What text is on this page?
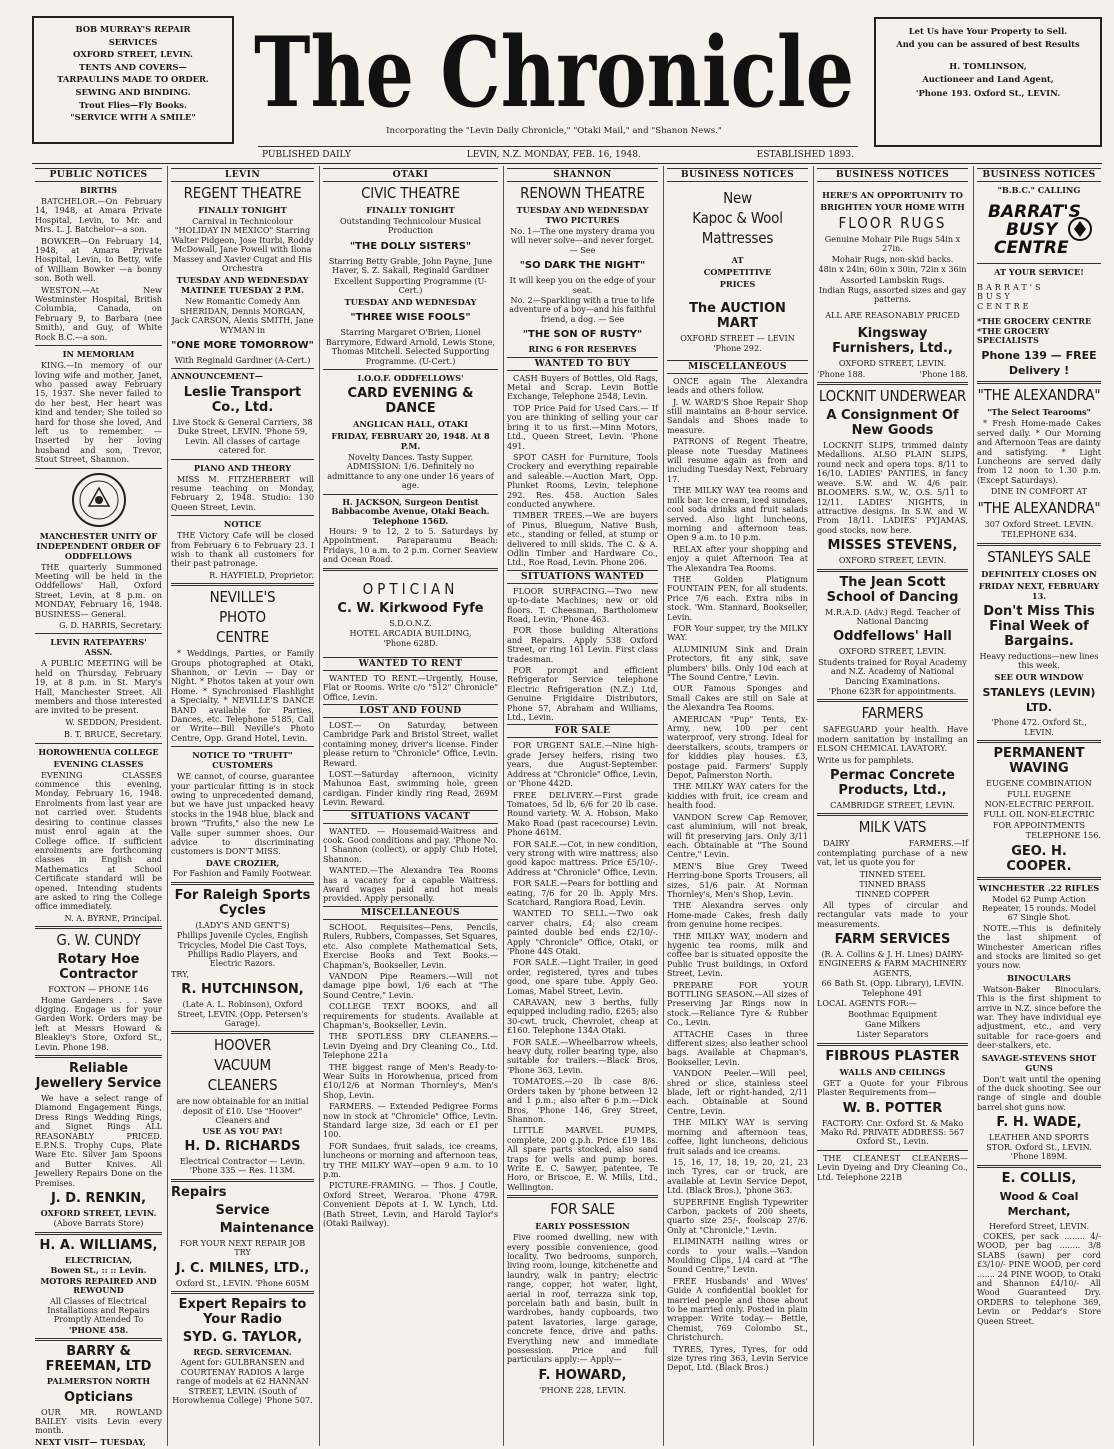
BOB MURRAY'S REPAIR
SERVICES
OXFORD STREET, LEVIN.
TENTS AND COVERS—
TARPAULINS MADE TO ORDER.
SEWING AND BINDING.
Trout Flies—Fly Books.
"SERVICE WITH A SMILE"
Let Us have Your Property to Sell.
And you can be assured of best Results
H. TOMLINSON,
Auctioneer and Land Agent,
'Phone 193. Oxford St., LEVIN.
The Chronicle
Incorporating the "Levin Daily Chronicle," "Otaki Mail," and "Shanon News."
PUBLISHED DAILY	LEVIN, N.Z. MONDAY, FEB. 16, 1948.	ESTABLISHED 1893.
PUBLIC NOTICES
BIRTHS

BATCHELOR.—On February 14, 1948, at Amara Private Hospital, Levin, to Mr. and Mrs. L. J. Batchelor—a son.

BOWKER—On February 14, 1948, at Amara Private Hospital, Levin, to Betty, wife of William Bowker —a bonny son. Both well.

WESTON.—At New Westminster Hospital, British Columbia, Canada, on February 9, to Barbara (nee Smith), and Guy, of White Rock B.C.—a son.

IN MEMORIAM

KING.—In memory of our loving wife and mother, Janet, who passed away February 15, 1937. She never failed to do her best, Her heart was kind and tender; She toiled so hard for those she loved, And left us to remember. —Inserted by her loving husband and son, Trevor, Stout Street, Shannon.

MANCHESTER UNITY OF INDEPENDENT ORDER OF ODDFELLOWS

THE quarterly Summoned Meeting will be held in the Oddfellows' Hall, Oxford Street, Levin, at 8 p.m. on MONDAY, February 16, 1948. BUSINESS— General.

G. D. HARRIS, Secretary.
LEVIN RATEPAYERS' ASSN.

A PUBLIC MEETING will be held on Thursday, February 19, at 8 p.m. in St. Mary's Hall, Manchester Street. All members and those interested are invited to be present.

W. SEDDON, President.
B. T. BRUCE, Secretary.
HOROWHENUA COLLEGE
EVENING CLASSES

EVENING CLASSES commence this evening, Monday, February 16, 1948. Enrolments from last year are not carried over. Students desiring to continue classes must enrol again at the College office. If sufficient enrolments are forthcoming classes in English and Mathematics at School Certificate standard will be opened. Intending students are asked to ring the College office immediately.

N. A. BYRNE, Principal.
G. W. CUNDY
Rotary Hoe Contractor
FOXTON — PHONE 146

Home Gardeners . . . Save digging. Engage us for your Garden Work. Orders may be left at Messrs Howard & Bleakley's Store, Oxford St., Levin. Phone 198.

Reliable Jewellery Service

We have a select range of Diamond Engagement Rings, Dress Rings Wedding Rings, and Signet Rings ALL REASONABLY PRICED. E.P.N.S. Trophy Cups, Plate Ware Etc. Silver Jam Spoons and Butter Knives. All Jewellery Repairs Done on the Premises.

J. D. RENKIN,
OXFORD STREET, LEVIN.
(Above Barrats Store)
H. A. WILLIAMS,
ELECTRICIAN,
Bowen St., :: :: Levin.
MOTORS REPAIRED AND REWOUND
All Classes of Electrical Installations and Repairs Promptly Attended To
'PHONE 458.
BARRY & FREEMAN, LTD
PALMERSTON NORTH
Opticians

OUR MR. ROWLAND BAILEY visits Levin every month.

NEXT VISIT— TUESDAY,
LEVIN
REGENT THEATRE
FINALLY TONIGHT
Carnival in Technicolour "HOLIDAY IN MEXICO" Starring Walter Pidgeon, Jose Iturbi, Roddy McDowall, Jane Powell with Ilona Massey and Xavier Cugat and His Orchestra
TUESDAY AND WEDNESDAY MATINEE TUESDAY 2 P.M.
New Romantic Comedy Ann SHERIDAN, Dennis MORGAN, Jack CARSON, Alexis SMITH, Jane WYMAN in
"ONE MORE TOMORROW"
With Reginald Gardiner (A-Cert.)
ANNOUNCEMENT—
Leslie Transport Co., Ltd.
Live Stock & General Carriers, 38 Duke Street, LEVIN. 'Phone 59, Levin. All classes of cartage catered for.
PIANO AND THEORY

MISS M. FITZHERBERT will resume teaching on Monday, February 2, 1948. Studio: 130 Queen Street, Levin.

NOTICE

THE Victory Cafe will be closed from February 6 to February 23. I wish to thank all customers for their past patronage.

R. HAYFIELD, Proprietor.
NEVILLE'S
PHOTO
CENTRE

* Weddings, Parties, or Family Groups photographed at Otaki, Shannon, or Levin — Day or Night. * Photos taken at your own Home. * Synchronised Flashlight a Specialty. * NEVILLE'S DANCE BAND available for Parties, Dances, etc. Telephone 5185, Call or Write—Bill Neville's Photo Centre, Opp. Grand Hotel, Levin.

NOTICE TO "TRUFIT" CUSTOMERS

WE cannot, of course, guarantee your particular fitting is in stock owing to unprecedented demand, but we have just unpacked heavy stocks in the 1948 blue, black and brown "Trufits," also the new Le Valle super summer shoes. Our advice to discriminating customers is DON'T MISS.

DAVE CROZIER,
For Fashion and Family Footwear.
For Raleigh Sports Cycles
(LADY'S AND GENT'S)
Phillips Juvenile Cycles, English Tricycles, Model Die Cast Toys, Phillips Radio Players, and Electric Razors.
TRY,
R. HUTCHINSON,
(Late A. L. Robinson), Oxford Street, LEVIN. (Opp. Petersen's Garage).
HOOVER
VACUUM
CLEANERS
are now obtainable for an initial deposit of £10. Use "Hoover" Cleaners and
USE AS YOU PAY!
H. D. RICHARDS
Electrical Contractor — Levin. 'Phone 335 — Res. 113M.
Repairs
Service
Maintenance
FOR YOUR NEXT REPAIR JOB TRY
J. C. MILNES, LTD.,
Oxford St., LEVIN. 'Phone 605M
Expert Repairs to Your Radio
SYD. G. TAYLOR,
REGD. SERVICEMAN.
Agent for: GULBRANSEN and COURTENAY RADIOS A large range of models at 62 HANNAN STREET, LEVIN. (South of Horowhenua College) 'Phone 507.
OTAKI
CIVIC THEATRE
FINALLY TONIGHT
Outstanding Technicolour Musical Production
"THE DOLLY SISTERS"
Starring Betty Grable, John Payne, June Haver, S. Z. Sakall, Reginald Gardiner
Excellent Supporting Programme (U-Cert.)
TUESDAY AND WEDNESDAY
"THREE WISE FOOLS"
Starring Margaret O'Brien, Lionel Barrymore, Edward Arnold, Lewis Stone, Thomas Mitchell. Selected Supporting Programme. (U-Cert.)
I.O.O.F. ODDFELLOWS'
CARD EVENING & DANCE
ANGLICAN HALL, OTAKI
FRIDAY, FEBRUARY 20, 1948. At 8 P.M.
Novelty Dances. Tasty Supper. ADMISSION: 1/6. Definitely no admittance to any one under 16 years of age.
H. JACKSON, Surgeon Dentist Babbacombe Avenue, Otaki Beach. Telephone 156D.

Hours: 9 to 12, 2 to 5. Saturdays by Appointment. Paraparaumu Beach: Fridays, 10 a.m. to 2 p.m. Corner Seaview and Ocean Road.

OPTICIAN
C. W. Kirkwood Fyfe
S.D.O.N.Z.
HOTEL ARCADIA BUILDING,
'Phone 628D.
WANTED TO RENT

WANTED TO RENT.—Urgently, House, Flat or Rooms. Write c/o "512" Chronicle" Office, Levin.

LOST AND FOUND

LOST.— On Saturday, between Cambridge Park and Bristol Street, wallet containing money, driver's license. Finder please return to "Chronicle" Office, Levin. Reward.

LOST.—Saturday afternoon, vicinity Mahunoa East, swimming hole, green cardigan. Finder kindly ring Read, 269M Levin. Reward.

SITUATIONS VACANT

WANTED. — Housemaid-Waitress and cook. Good conditions and pay. 'Phone No. 1 Shannon (collect), or apply Club Hotel, Shannon.

WANTED.—The Alexandra Tea Rooms has a vacancy for a capable Waitress. Award wages paid and hot meals provided. Apply personally.

MISCELLANEOUS

SCHOOL Requisites—Pens, Pencils, Rulers, Rubbers, Compasses, Set Squares, etc. Also complete Mathematical Sets, Exercise Books and Text Books.—Chapman's, Bookseller, Levin.

VANDON Pipe Reamers.—Will not damage pipe bowl, 1/6 each at "The Sound Centre," Levin.

COLLEGE TEXT BOOKS, and all requirements for students. Available at Chapman's, Bookseller, Levin.

THE SPOTLESS DRY CLEANERS.— Levin Dyeing and Dry Cleaning Co., Ltd. Telephone 221a

THE biggest range of Men's Ready-to-Wear Suits in Horowhenua, priced from £10/12/6 at Norman Thornley's, Men's Shop, Levin.

FARMERS. — Extended Pedigree Forms now in stock at "Chronicle" Office, Levin. Standard large size, 3d each or £1 per 100.

FOR Sundaes, fruit salads, ice creams, luncheons or morning and afternoon teas, try THE MILKY WAY—open 9 a.m. to 10 p.m.

PICTURE-FRAMING. — Thos. J Coutle, Oxford Street, Weraroa. 'Phone 479R. Convenient Depots at I. W. Lynch, Ltd. (Bath Street, Levin, and Harold Taylor's (Otaki Railway).

SHANNON
RENOWN THEATRE
TUESDAY AND WEDNESDAY TWO PICTURES
No. 1—The one mystery drama you will never solve—and never forget. — See
"SO DARK THE NIGHT"
It will keep you on the edge of your seat.
No. 2—Sparkling with a true to life adventure of a boy—and his faithful friend, a dog. — See
"THE SON OF RUSTY"
RING 6 FOR RESERVES
WANTED TO BUY

CASH Buyers of Bottles, Old Rags, Metal and Scrap. Levin Bottle Exchange, Telephone 2548, Levin.

TOP Price Paid for Used Cars.— If you are thinking of selling your car bring it to us first.—Minn Motors, Ltd., Queen Street, Levin. 'Phone 491.

SPOT CASH for Furniture, Tools Crockery and everything repairable and saleable.—Auction Mart, Opp. Plunket Rooms, Levin, telephone 292. Res. 458. Auction Sales conducted anywhere.

TIMBER TREES.—We are buyers of Pinus, Bluegum, Native Bush, etc., standing or felled, at stump or delivered to mill skids. The C. & A. Odlin Timber and Hardware Co., Ltd., Roe Road, Levin. Phone 206.

SITUATIONS WANTED

FLOOR SURFACING.—Two new up-to-date Machines; new or old floors. T. Cheesman, Bartholomew Road, Levin, 'Phone 463.

FOR those building Alterations and Repairs. Apply 538 Oxford Street, or ring 161 Levin. First class tradesman.

FOR prompt and efficient Refrigerator Service telephone Electric Refrigeration (N.Z.) Ltd, Genuine Frigidaire Distributors, Phone 57, Abraham and Williams, Ltd., Levin.

FOR SALE

FOR URGENT SALE.—Nine high-grade Jersey heifers, rising two years, due August-September. Address at "Chronicle" Office, Levin, or 'Phone 442D.

FREE DELIVERY.—First grade Tomatoes, 5d lb, 6/6 for 20 lb case. Round variety. W. A. Hobson, Mako Mako Road (past racecourse) Levin. Phone 461M.

FOR SALE.—Cot, in new condition, very strong with wire mattress; also good kapoc mattress. Price £5/10/-. Address at "Chronicle" Office, Levin.

FOR SALE.—Pears for bottling and eating, 7/6 for 20 lb. Apply Mrs. Scatchard, Rangiora Road, Levin.

WANTED TO SELL.—Two oak carver chairs, £4; also cream painted double bed ends £2/10/-. Apply "Chronicle" Office, Otaki, or 'Phone 44S Otaki.

FOR SALE.—Light Trailer, in good order, registered, tyres and tubes good, one spare tube. Apply Geo. Lomas, Mabel Street, Levin.

CARAVAN, new 3 berths, fully equipped including radio, £265; also 30-cwt. truck, Chevrolet, cheap at £160. Telephone 134A Otaki.

FOR SALE.—Wheelbarrow wheels, heavy duty, roller bearing type, also suitable for trailers.—Black Bros, 'Phone 363, Levin.

TOMATOES.—20 lb case 8/6. Orders taken by 'phone between 12 and 1 p.m.; also after 6 p.m.—Dick Bros, 'Phone 146, Grey Street, Shannon.

LITTLE MARVEL PUMPS, complete, 200 g.p.h. Price £19 18s. All spare parts stocked, also sand traps for wells and pump bores. Write E. C. Sawyer, patentee, Te Horo, or Briscoe, E. W. Mills, Ltd., Wellington.

FOR SALE
EARLY POSSESSION

Five roomed dwelling, new with every possible convenience, good locality. Two bedrooms, sunporch, living room, lounge, kitchenette and laundry, walk in pantry; electric range, copper, hot water, light, aerial in roof, terrazza sink top, porcelain bath and basin, built in wardrobes, handy cupboards, two patent lavatories, large garage, concrete fence, drive and paths. Everything new and immediate possession. Price and full particulars apply:— Apply—

F. HOWARD,
'PHONE 228, LEVIN.
BUSINESS NOTICES
New
Kapoc & Wool
Mattresses
AT
COMPETITIVE
PRICES
The AUCTION MART
OXFORD STREET — LEVIN
'Phone 292.
MISCELLANEOUS

ONCE again The Alexandra leads and others follow.

J. W. WARD'S Shoe Repair Shop still maintains an 8-hour service. Sandals and Shoes made to measure.

PATRONS of Regent Theatre, please note Tuesday Matinees will resume again as from and including Tuesday Next, February 17.

THE MILKY WAY tea rooms and milk bar. Ice cream, iced sundaes, cool soda drinks and fruit salads served. Also light luncheons, morning and afternoon teas. Open 9 a.m. to 10 p.m.

RELAX after your shopping and enjoy a quiet Afternoon Tea at The Alexandra Tea Rooms.

THE Golden Platignum FOUNTAIN PEN, for all students. Price 7/6 each. Extra nibs in stock. 'Wm. Stannard, Bookseller, Levin.

FOR Your supper, try the MILKY WAY.

ALUMINIUM Sink and Drain Protectors, fit any sink, save plumbers' bills. Only 10d each at "The Sound Centre," Levin.

OUR Famous Sponges and Small Cakes are still on Sale at the Alexandra Tea Rooms.

AMERICAN "Pup" Tents, Ex-Army, new, 100 per cent waterproof, very strong. Ideal for deerstalkers, scouts, trampers or for kiddies play houses. £3, postage paid. Farmers' Supply Depot, Palmerston North.

THE MILKY WAY caters for the kiddies with fruit, ice cream and health food.

VANDON Screw Cap Remover, cast aluminium, will not break, will fit preserving jars. Only 3/11 each. Obtainable at "The Sound Centre," Levin.

MEN'S Blue Grey Tweed Herring-bone Sports Trousers, all sizes, 51/6 pair. At Norman Thornley's, Men's Shop, Levin.

THE Alexandra serves only Home-made Cakes, fresh daily from genuine home recipes.

THE MILKY WAY, modern and hygenic tea rooms, milk and coffee bar is situated opposite the Public Trust buildings, in Oxford Street, Levin.

PREPARE FOR YOUR BOTTLING SEASON.—All sizes of Preserving Jar Rings now in stock.—Reliance Tyre & Rubber Co., Levin.

ATTACHE Cases in three different sizes; also leather school bags. Available at Chapman's, Bookseller, Levin.

VANDON Peeler.—Will peel, shred or slice, stainless steel blade, left or right-handed, 2/11 each. Obtainable at Sound Centre, Levin.

THE MILKY WAY is serving morning and afternoon teas, coffee, light luncheons, delicious fruit salads and ice creams.

15, 16, 17, 18, 19, 20, 21, 23 inch Tyres, car or truck, are available at Levin Service Depot, Ltd. (Black Bros.), 'phone 363.

SUPERFINE English Typewriter Carbon, packets of 200 sheets, quarto size 25/-, foolscap 27/6. Only at "Chronicle," Levin.

ELIMINATH nailing wires or cords to your walls.—Vandon Moulding Clips, 1/4 card at "The Sound Centre," Levin.

FREE Husbands' and Wives' Guide A confidential booklet for married people and those about to be married only. Posted in plain wrapper. Write today.— Bettle, Chemist, 769 Colombo St., Christchurch.

TYRES, Tyres, Tyres, for odd size tyres ring 363, Levin Service Depot, Ltd. (Black Bros.)

BUSINESS NOTICES
HERE'S AN OPPORTUNITY TO
BRIGHTEN YOUR HOME WITH
FLOOR RUGS
Genuine Mohair Pile Rugs 54in x 27in.
Mohair Rugs, non-skid backs.
48in x 24in, 60in x 30in, 72in x 36in
Assorted Lambskin Rugs.
Indian Rugs, assorted sizes and gay patterns.
ALL ARE REASONABLY PRICED
Kingsway Furnishers, Ltd.,
OXFORD STREET, LEVIN.
'Phone 188.	'Phone 188.
LOCKNIT UNDERWEAR
A Consignment Of New Goods

LOCKNIT SLIPS, trimmed dainty Medallions. ALSO PLAIN SLIPS, round neck and opera tops. 8/11 to 16/10. LADIES' PANTIES, in fancy weave. S.W. and W. 4/6 pair. BLOOMERS. S.W., W., O.S. 5/11 to 12/11. LADIES' NIGHTS, in attractive designs. In S.W. and W. From 18/11. LADIES' PYJAMAS, good stocks, now here.

MISSES STEVENS,
OXFORD STREET, LEVIN.
The Jean Scott School of Dancing
M.R.A.D. (Adv.) Regd. Teacher of National Dancing
Oddfellows' Hall
OXFORD STREET, LEVIN.
Students trained for Royal Academy and N.Z. Academy of National Dancing Examinations.
'Phone 623R for appointments.
FARMERS

SAFEGUARD your health. Have modern sanitation by installing an ELSON CHEMICAL LAVATORY.

Write us for pamphlets.
Permac Concrete Products, Ltd.,
CAMBRIDGE STREET, LEVIN.
MILK VATS

DAIRY FARMERS.—If contemplating purchase of a new vat, let us quote you for

TINNED STEEL
TINNED BRASS
TINNED COPPER

All types of circular and rectangular vats made to your measurements.

FARM SERVICES
(R. A. Collins & J. H. Lines) DAIRY-ENGINEERS & FARM MACHINERY AGENTS,
66 Bath St. (Opp. Library), LEVIN. Telephone 491
LOCAL AGENTS FOR:—
Boothmac Equipment
Gane Milkers
Lister Separators
FIBROUS PLASTER
WALLS AND CEILINGS

GET a Quote for your Fibrous Plaster Requirements from—

W. B. POTTER
FACTORY: Cnr. Oxford St. & Mako Mako Rd. PRIVATE ADDRESS: 567 Oxford St., Levin.

THE CLEANEST CLEANERS— Levin Dyeing and Dry Cleaning Co., Ltd. Telephone 221B

BUSINESS NOTICES
"B.B.C." CALLING
BARRAT'S
BUSY
CENTRE
AT YOUR SERVICE!
BARRAT'S
BUSY
CENTRE
*THE GROCERY CENTRE
*THE GROCERY SPECIALISTS
Phone 139 — FREE Delivery !
"THE ALEXANDRA"
"The Select Tearooms"

* Fresh Home-made Cakes served daily. * Our Morning and Afternoon Teas are dainty and satisfying. * Light Luncheons are served daily from 12 noon to 1.30 p.m. (Except Saturdays).

DINE IN COMFORT AT
"THE ALEXANDRA"
307 Oxford Street. LEVIN.
TELEPHONE 634.
STANLEYS SALE
DEFINITELY CLOSES ON
FRIDAY NEXT, FEBRUARY 13.
Don't Miss This Final Week of Bargains.
Heavy reductions—new lines this week.
SEE OUR WINDOW
STANLEYS (LEVIN) LTD.
'Phone 472. Oxford St., LEVIN.
PERMANENT WAVING
EUGENE COMBINATION
FULL EUGENE
NON-ELECTRIC PERFOIL
FULL OIL NON-ELECTRIC
FOR APPOINTMENTS
TELEPHONE 156.
GEO. H. COOPER.
WINCHESTER .22 RIFLES
Model 62 Pump Action Repeater, 15 rounds. Model 67 Single Shot.

NOTE.—This is definitely the last shipment of Winchester American rifles and stocks are limited so get yours now.

BINOCULARS

Watson-Baker Binoculars. This is the first shipment to arrive in N.Z. since before the war. They have individual eye adjustment, etc., and very suitable for race-goers and deer-stalkers, etc.

SAVAGE-STEVENS SHOT GUNS

Don't wait until the opening of the duck shooting. See our range of single and double barrel shot guns now.

F. H. WADE,
LEATHER AND SPORTS STOR. Oxford St., LEVIN. 'Phone 189M.
E. COLLIS,
Wood & Coal Merchant,
Hereford Street, LEVIN.

COKES, per sack ........ 4/- WOOD, per bag ........ 3/8 SLABS (sawn) per cord £3/10/- PINE WOOD, per cord ....... 24 PINE WOOD, to Otaki and Shannon £4/10/- All Wood Guaranteed Dry. ORDERS to telephone 369, Levin or Peddar's Store Queen Street.
